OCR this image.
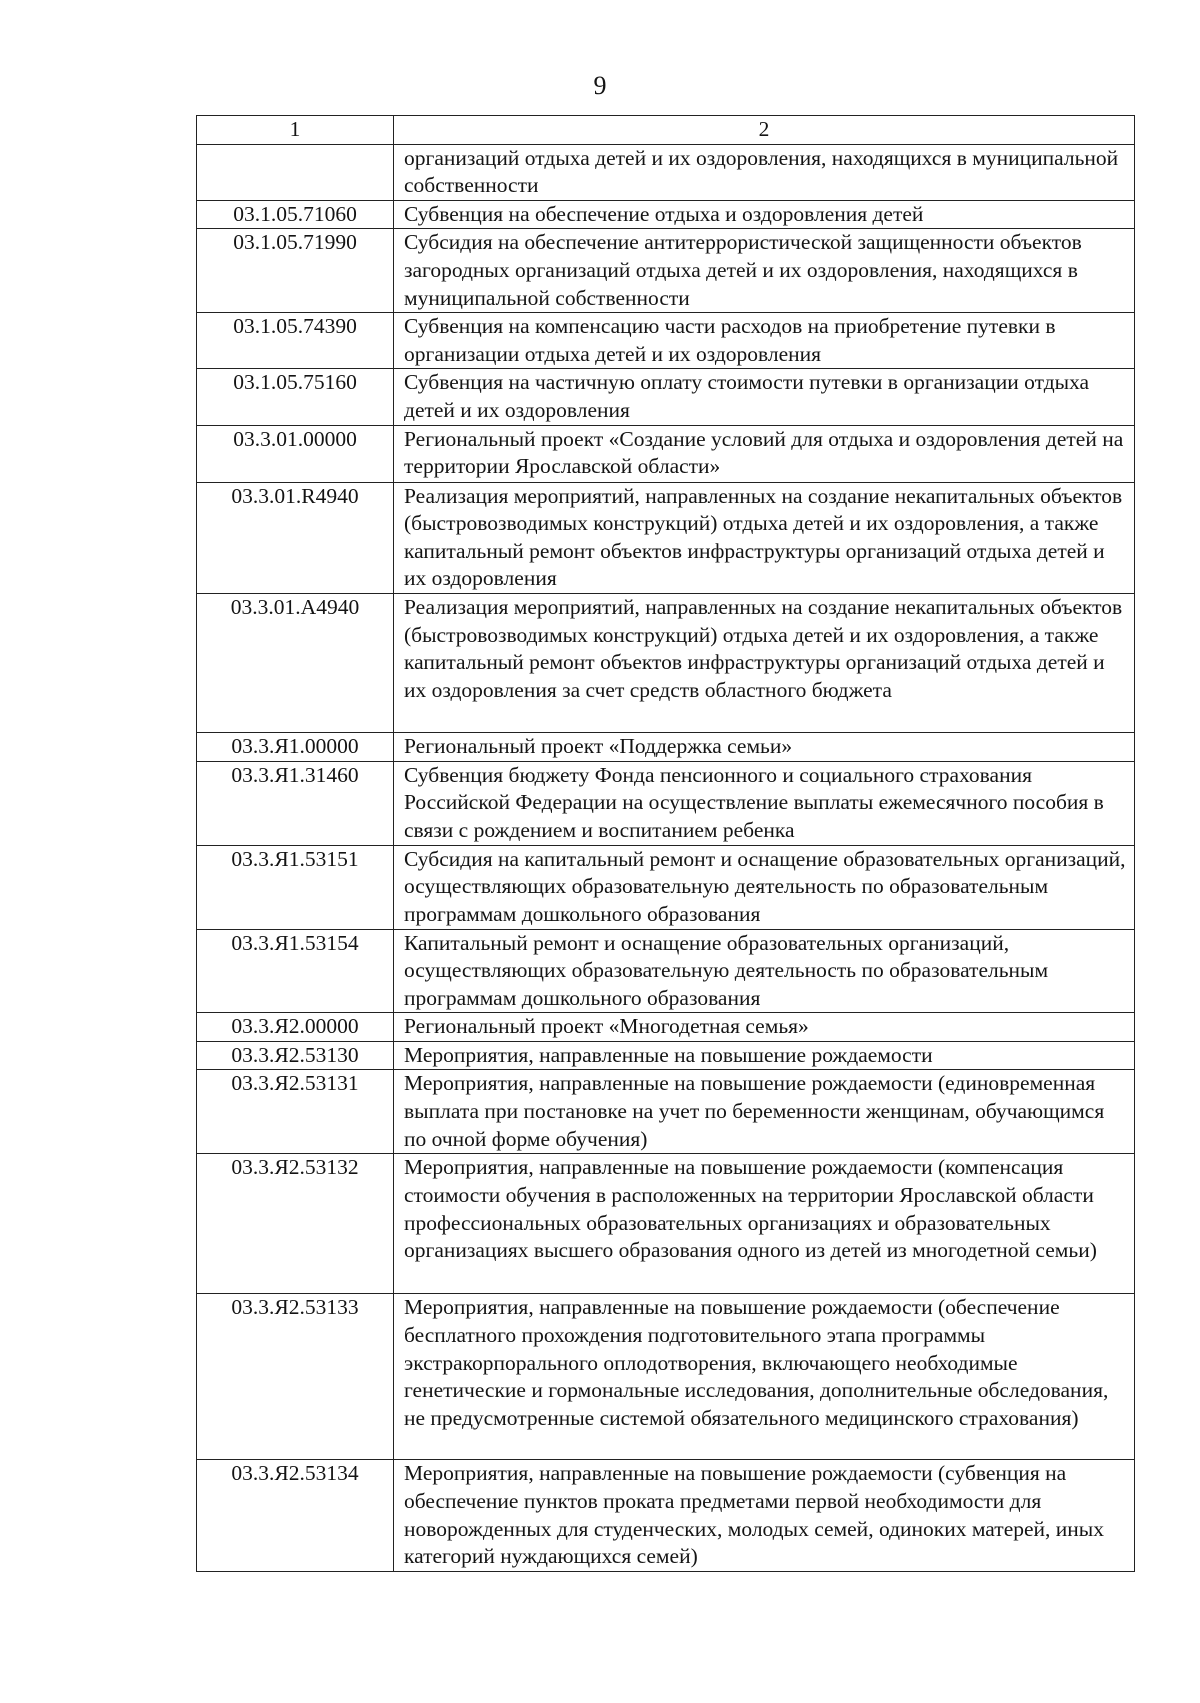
9
1	2
	организаций отдыха детей и их оздоровления, находящихся в муниципальной собственности
03.1.05.71060	Субвенция на обеспечение отдыха и оздоровления детей
03.1.05.71990	Субсидия на обеспечение антитеррористической защищенности объектов загородных организаций отдыха детей и их оздоровления, находящихся в муниципальной собственности
03.1.05.74390	Субвенция на компенсацию части расходов на приобретение путевки в организации отдыха детей и их оздоровления
03.1.05.75160	Субвенция на частичную оплату стоимости путевки в организации отдыха детей и их оздоровления
03.3.01.00000	Региональный проект «Создание условий для отдыха и оздоровления детей на территории Ярославской области»
03.3.01.R4940	Реализация мероприятий, направленных на создание некапитальных объектов (быстровозводимых конструкций) отдыха детей и их оздоровления, а также капитальный ремонт объектов инфраструктуры организаций отдыха детей и их оздоровления
03.3.01.A4940	Реализация мероприятий, направленных на создание некапитальных объектов (быстровозводимых конструкций) отдыха детей и их оздоровления, а также капитальный ремонт объектов инфраструктуры организаций отдыха детей и их оздоровления за счет средств областного бюджета
03.3.Я1.00000	Региональный проект «Поддержка семьи»
03.3.Я1.31460	Субвенция бюджету Фонда пенсионного и социального страхования Российской Федерации на осуществление выплаты ежемесячного пособия в связи с рождением и воспитанием ребенка
03.3.Я1.53151	Субсидия на капитальный ремонт и оснащение образовательных организаций, осуществляющих образовательную деятельность по образовательным программам дошкольного образования
03.3.Я1.53154	Капитальный ремонт и оснащение образовательных организаций, осуществляющих образовательную деятельность по образовательным программам дошкольного образования
03.3.Я2.00000	Региональный проект «Многодетная семья»
03.3.Я2.53130	Мероприятия, направленные на повышение рождаемости
03.3.Я2.53131	Мероприятия, направленные на повышение рождаемости (единовременная выплата при постановке на учет по беременности женщинам, обучающимся по очной форме обучения)
03.3.Я2.53132	Мероприятия, направленные на повышение рождаемости (компенсация стоимости обучения в расположенных на территории Ярославской области профессиональных образовательных организациях и образовательных организациях высшего образования одного из детей из многодетной семьи)
03.3.Я2.53133	Мероприятия, направленные на повышение рождаемости (обеспечение бесплатного прохождения подготовительного этапа программы экстракорпорального оплодотворения, включающего необходимые генетические и гормональные исследования, дополнительные обследования, не предусмотренные системой обязательного медицинского страхования)
03.3.Я2.53134	Мероприятия, направленные на повышение рождаемости (субвенция на обеспечение пунктов проката предметами первой необходимости для новорожденных для студенческих, молодых семей, одиноких матерей, иных категорий нуждающихся семей)
